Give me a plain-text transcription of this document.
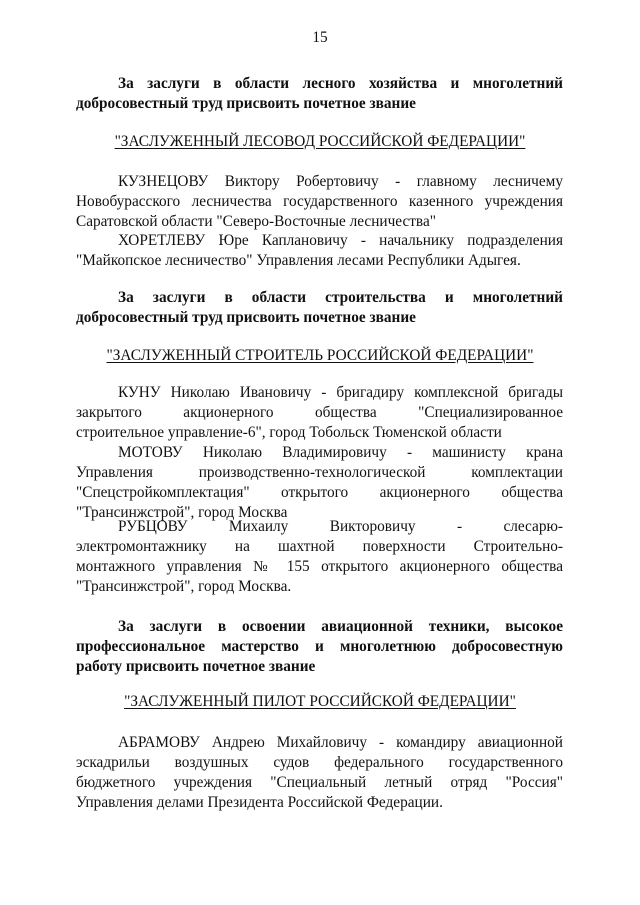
15
За заслуги в области лесного хозяйства и многолетний
добросовестный труд присвоить почетное звание
"ЗАСЛУЖЕННЫЙ ЛЕСОВОД РОССИЙСКОЙ ФЕДЕРАЦИИ"
КУЗНЕЦОВУ Виктору Робертовичу - главному лесничему
Новобурасского лесничества государственного казенного учреждения
Саратовской области "Северо-Восточные лесничества"
ХОРЕТЛЕВУ Юре Каплановичу - начальнику подразделения
"Майкопское лесничество" Управления лесами Республики Адыгея.
За заслуги в области строительства и многолетний
добросовестный труд присвоить почетное звание
"ЗАСЛУЖЕННЫЙ СТРОИТЕЛЬ РОССИЙСКОЙ ФЕДЕРАЦИИ"
КУНУ Николаю Ивановичу - бригадиру комплексной бригады
закрытого акционерного общества "Специализированное
строительное управление-6", город Тобольск Тюменской области
МОТОВУ Николаю Владимировичу - машинисту крана
Управления производственно-технологической комплектации
"Спецстройкомплектация" открытого акционерного общества
"Трансинжстрой", город Москва
РУБЦОВУ Михаилу Викторовичу - слесарю-
электромонтажнику на шахтной поверхности Строительно-
монтажного управления № 155 открытого акционерного общества
"Трансинжстрой", город Москва.
За заслуги в освоении авиационной техники, высокое
профессиональное мастерство и многолетнюю добросовестную
работу присвоить почетное звание
"ЗАСЛУЖЕННЫЙ ПИЛОТ РОССИЙСКОЙ ФЕДЕРАЦИИ"
АБРАМОВУ Андрею Михайловичу - командиру авиационной
эскадрильи воздушных судов федерального государственного
бюджетного учреждения "Специальный летный отряд "Россия"
Управления делами Президента Российской Федерации.
